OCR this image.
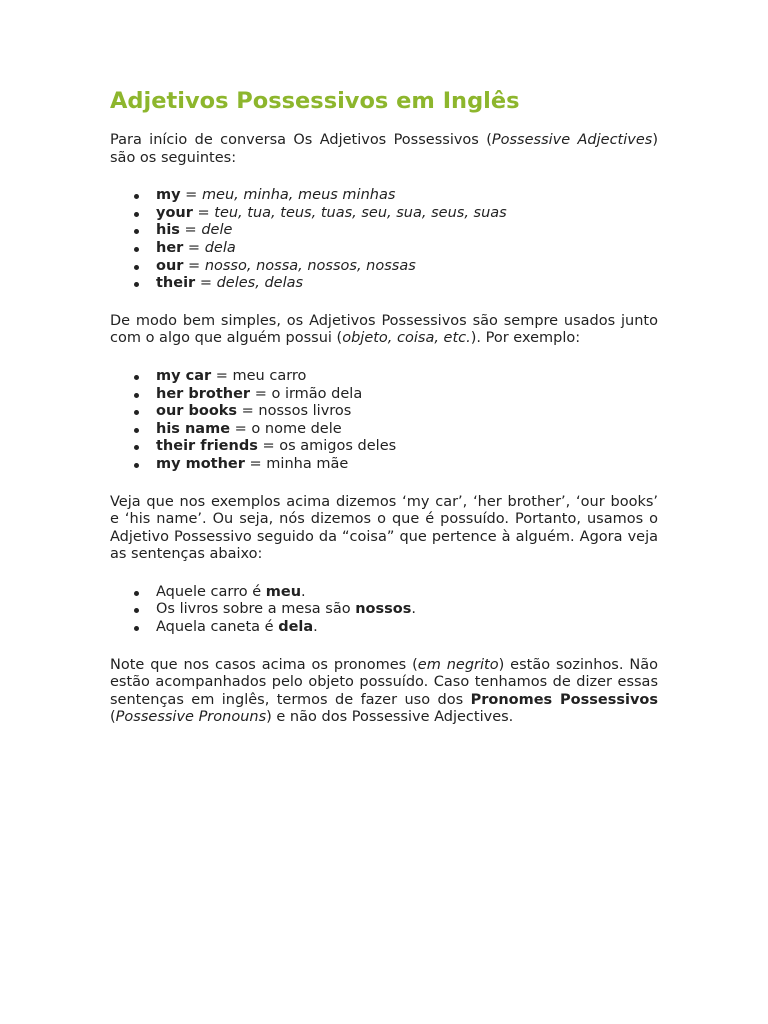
Adjetivos Possessivos em Inglês

Para início de conversa Os Adjetivos Possessivos (Possessive Adjectives) são os seguintes:

my = meu, minha, meus minhas
your = teu, tua, teus, tuas, seu, sua, seus, suas
his = dele
her = dela
our = nosso, nossa, nossos, nossas
their = deles, delas

De modo bem simples, os Adjetivos Possessivos são sempre usados junto com o algo que alguém possui (objeto, coisa, etc.). Por exemplo:

my car = meu carro
her brother = o irmão dela
our books = nossos livros
his name = o nome dele
their friends = os amigos deles
my mother = minha mãe

Veja que nos exemplos acima dizemos ‘my car’, ‘her brother’, ‘our books’ e ‘his name’. Ou seja, nós dizemos o que é possuído. Portanto, usamos o Adjetivo Possessivo seguido da “coisa” que pertence à alguém. Agora veja as sentenças abaixo:

Aquele carro é meu.
Os livros sobre a mesa são nossos.
Aquela caneta é dela.

Note que nos casos acima os pronomes (em negrito) estão sozinhos. Não estão acompanhados pelo objeto possuído. Caso tenhamos de dizer essas sentenças em inglês, termos de fazer uso dos Pronomes Possessivos (Possessive Pronouns) e não dos Possessive Adjectives.
